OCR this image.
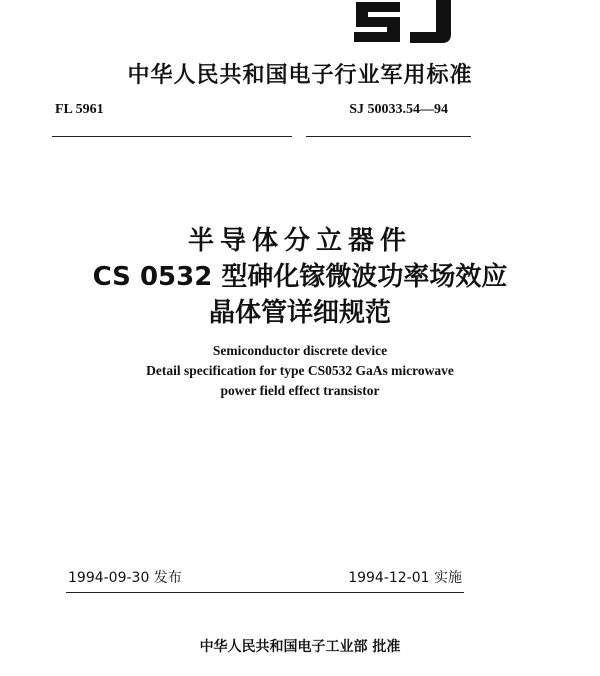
中华人民共和国电子行业军用标准
FL 5961	SJ 50033.54—94
半导体分立器件
CS 0532 型砷化镓微波功率场效应
晶体管详细规范
Semiconductor discrete device
Detail specification for type CS0532 GaAs microwave
power field effect transistor
1994-09-30 发布	1994-12-01 实施
中华人民共和国电子工业部 批准
